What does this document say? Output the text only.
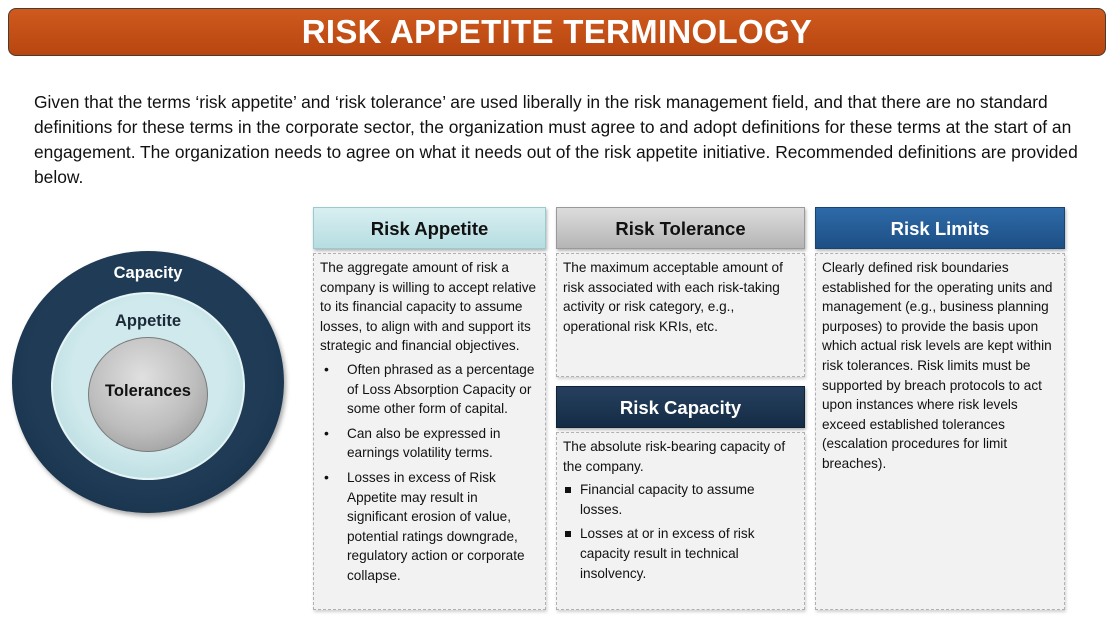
RISK APPETITE TERMINOLOGY

Given that the terms ‘risk appetite’ and ‘risk tolerance’ are used liberally in the risk management field, and that there are no standard definitions for these terms in the corporate sector, the organization must agree to and adopt definitions for these terms at the start of an engagement. The organization needs to agree on what it needs out of the risk appetite initiative. Recommended definitions are provided below.

Capacity
Appetite
Tolerances
Risk Appetite

The aggregate amount of risk a company is willing to accept relative to its financial capacity to assume losses, to align with and support its strategic and financial objectives.

• Often phrased as a percentage of Loss Absorption Capacity or some other form of capital.
• Can also be expressed in earnings volatility terms.
• Losses in excess of Risk Appetite may result in significant erosion of value, potential ratings downgrade, regulatory action or corporate collapse.
Risk Tolerance

The maximum acceptable amount of risk associated with each risk-taking activity or risk category, e.g., operational risk KRIs, etc.

Risk Capacity

The absolute risk-bearing capacity of the company.

Financial capacity to assume losses.
Losses at or in excess of risk capacity result in technical insolvency.
Risk Limits

Clearly defined risk boundaries established for the operating units and management (e.g., business planning purposes) to provide the basis upon which actual risk levels are kept within risk tolerances. Risk limits must be supported by breach protocols to act upon instances where risk levels exceed established tolerances (escalation procedures for limit breaches).
